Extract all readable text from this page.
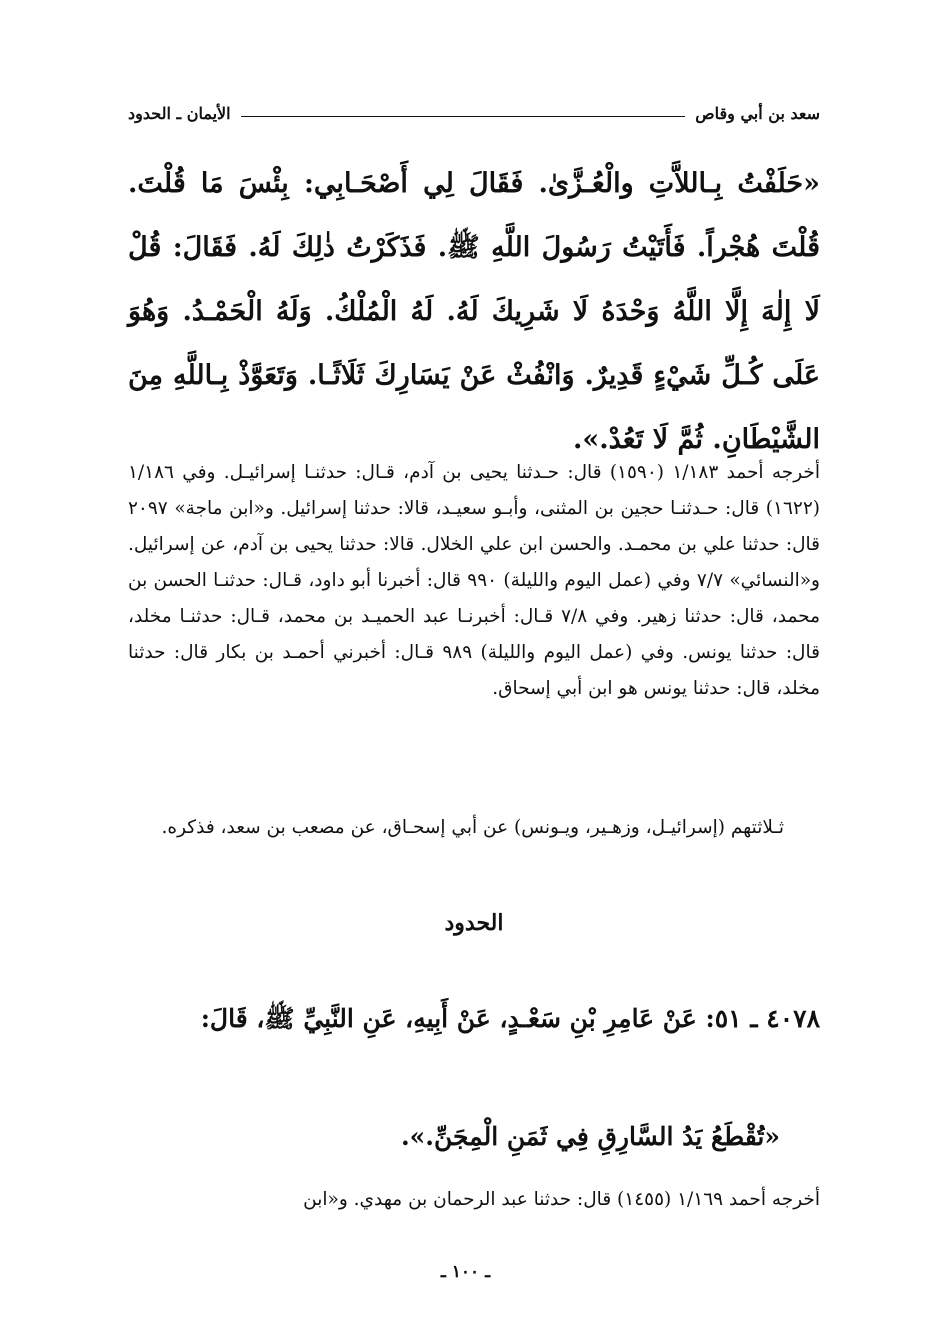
الأيمان ـ الحدود	سعد بن أبي وقاص
«حَلَفْتُ بِـاللاَّتِ والْعُـزَّىٰ. فَقَالَ لِي أَصْحَـابِي: بِئْسَ مَا قُلْتَ. قُلْتَ هُجْراً. فَأَتَيْتُ رَسُولَ اللَّهِ ﷺ. فَذَكَرْتُ ذٰلِكَ لَهُ. فَقَالَ: قُلْ لَا إِلٰهَ إِلَّا اللَّهُ وَحْدَهُ لَا شَرِيكَ لَهُ. لَهُ الْمُلْكُ. وَلَهُ الْحَمْـدُ. وَهُوَ عَلَى كُـلِّ شَيْءٍ قَدِيرٌ. وَانْفُثْ عَنْ يَسَارِكَ ثَلَاثًـا. وَتَعَوَّذْ بِـاللَّهِ مِنَ الشَّيْطَانِ. ثُمَّ لَا تَعُدْ.».
أخرجه أحمد ١/١٨٣ (١٥٩٠) قال: حـدثنا يحيى بن آدم، قـال: حدثنـا إسرائيـل. وفي ١/١٨٦ (١٦٢٢) قال: حـدثنـا حجين بن المثنى، وأبـو سعيـد، قالا: حدثنا إسرائيل. و«ابن ماجة» ٢٠٩٧ قال: حدثنا علي بن محمـد. والحسن ابن علي الخلال. قالا: حدثنا يحيى بن آدم، عن إسرائيل. و«النسائي» ٧/٧ وفي (عمل اليوم والليلة) ٩٩٠ قال: أخبرنا أبو داود، قـال: حدثنـا الحسن بن محمد، قال: حدثنا زهير. وفي ٧/٨ قـال: أخبرنـا عبد الحميـد بن محمد، قـال: حدثنـا مخلد، قال: حدثنا يونس. وفي (عمل اليوم والليلة) ٩٨٩ قـال: أخبرني أحمـد بن بكار قال: حدثنا مخلد، قال: حدثنا يونس هو ابن أبي إسحاق.
ثـلاثتهم (إسرائيـل، وزهـير، ويـونس) عن أبي إسحـاق، عن مصعب بن سعد، فذكره.
الحدود
٤٠٧٨ ـ ٥١: عَنْ عَامِرِ بْنِ سَعْـدٍ، عَنْ أَبِيهِ، عَنِ النَّبِيِّ ﷺ، قَالَ:
«تُقْطَعُ يَدُ السَّارِقِ فِي ثَمَنِ الْمِجَنِّ.».
أخرجه أحمد ١/١٦٩ (١٤٥٥) قال: حدثنا عبد الرحمان بن مهدي. و«ابن
ـ ١٠٠ ـ
